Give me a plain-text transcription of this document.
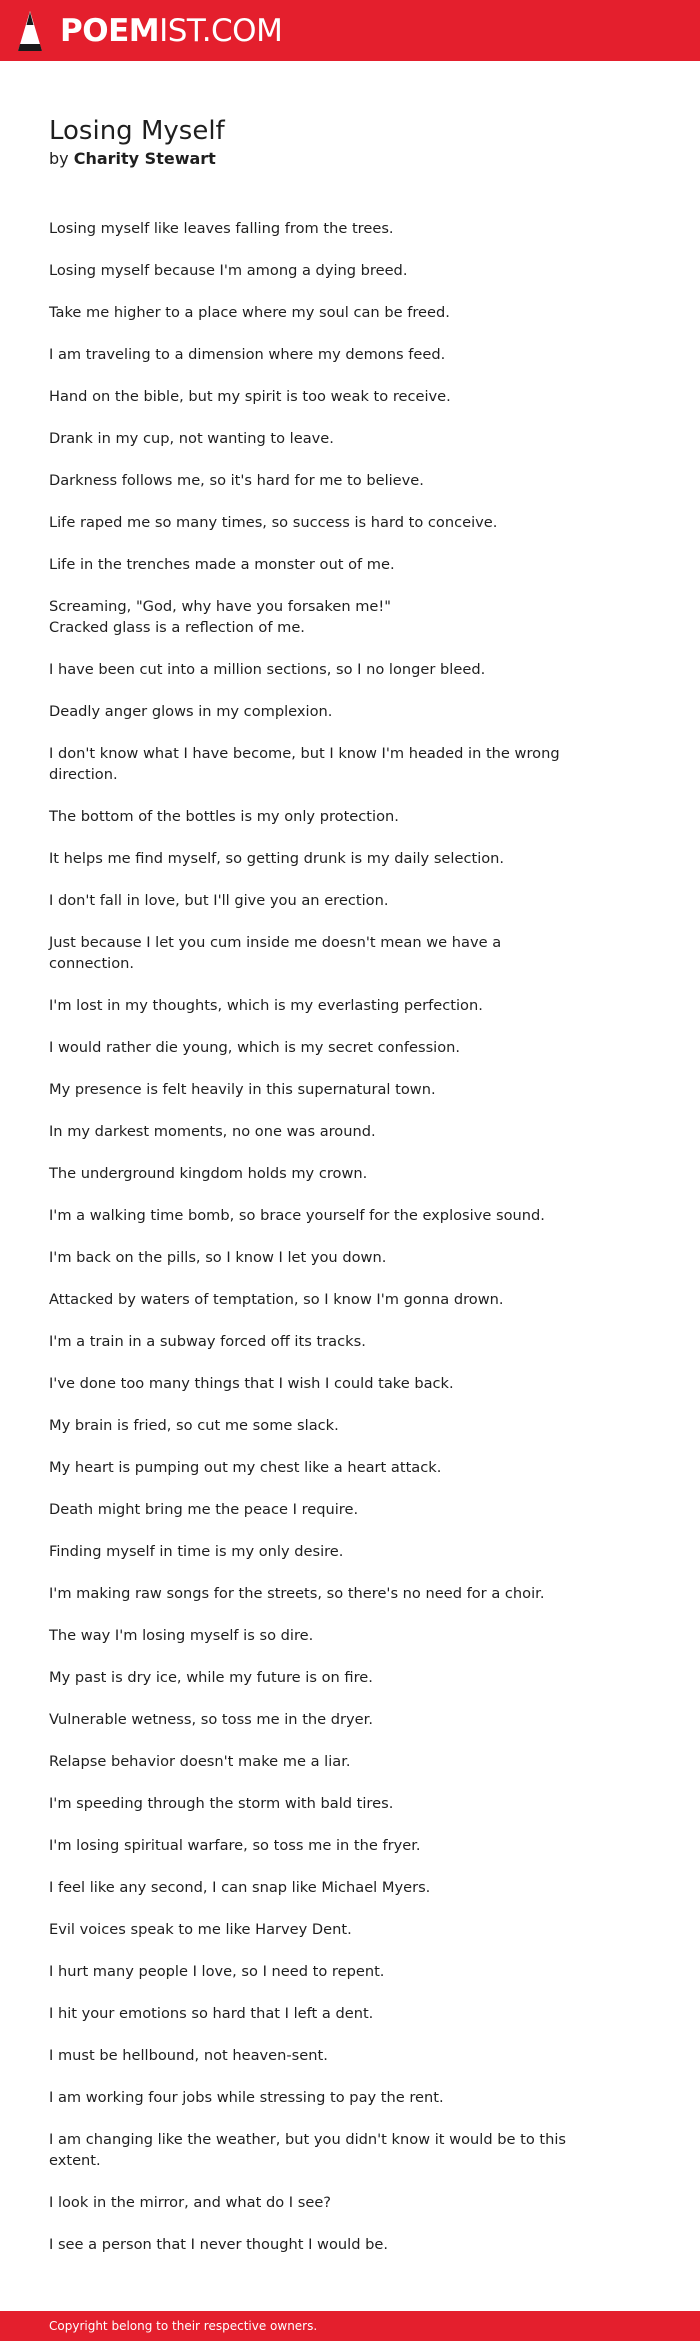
POEMIST.COM
Losing Myself
by Charity Stewart
Losing myself like leaves falling from the trees.
Losing myself because I'm among a dying breed.
Take me higher to a place where my soul can be freed.
I am traveling to a dimension where my demons feed.
Hand on the bible, but my spirit is too weak to receive.
Drank in my cup, not wanting to leave.
Darkness follows me, so it's hard for me to believe.
Life raped me so many times, so success is hard to conceive.
Life in the trenches made a monster out of me.
Screaming, "God, why have you forsaken me!"
Cracked glass is a reflection of me.
I have been cut into a million sections, so I no longer bleed.
Deadly anger glows in my complexion.
I don't know what I have become, but I know I'm headed in the wrong direction.
The bottom of the bottles is my only protection.
It helps me find myself, so getting drunk is my daily selection.
I don't fall in love, but I'll give you an erection.
Just because I let you cum inside me doesn't mean we have a connection.
I'm lost in my thoughts, which is my everlasting perfection.
I would rather die young, which is my secret confession.
My presence is felt heavily in this supernatural town.
In my darkest moments, no one was around.
The underground kingdom holds my crown.
I'm a walking time bomb, so brace yourself for the explosive sound.
I'm back on the pills, so I know I let you down.
Attacked by waters of temptation, so I know I'm gonna drown.
I'm a train in a subway forced off its tracks.
I've done too many things that I wish I could take back.
My brain is fried, so cut me some slack.
My heart is pumping out my chest like a heart attack.
Death might bring me the peace I require.
Finding myself in time is my only desire.
I'm making raw songs for the streets, so there's no need for a choir.
The way I'm losing myself is so dire.
My past is dry ice, while my future is on fire.
Vulnerable wetness, so toss me in the dryer.
Relapse behavior doesn't make me a liar.
I'm speeding through the storm with bald tires.
I'm losing spiritual warfare, so toss me in the fryer.
I feel like any second, I can snap like Michael Myers.
Evil voices speak to me like Harvey Dent.
I hurt many people I love, so I need to repent.
I hit your emotions so hard that I left a dent.
I must be hellbound, not heaven-sent.
I am working four jobs while stressing to pay the rent.
I am changing like the weather, but you didn't know it would be to this extent.
I look in the mirror, and what do I see?
I see a person that I never thought I would be.
Copyright belong to their respective owners.
